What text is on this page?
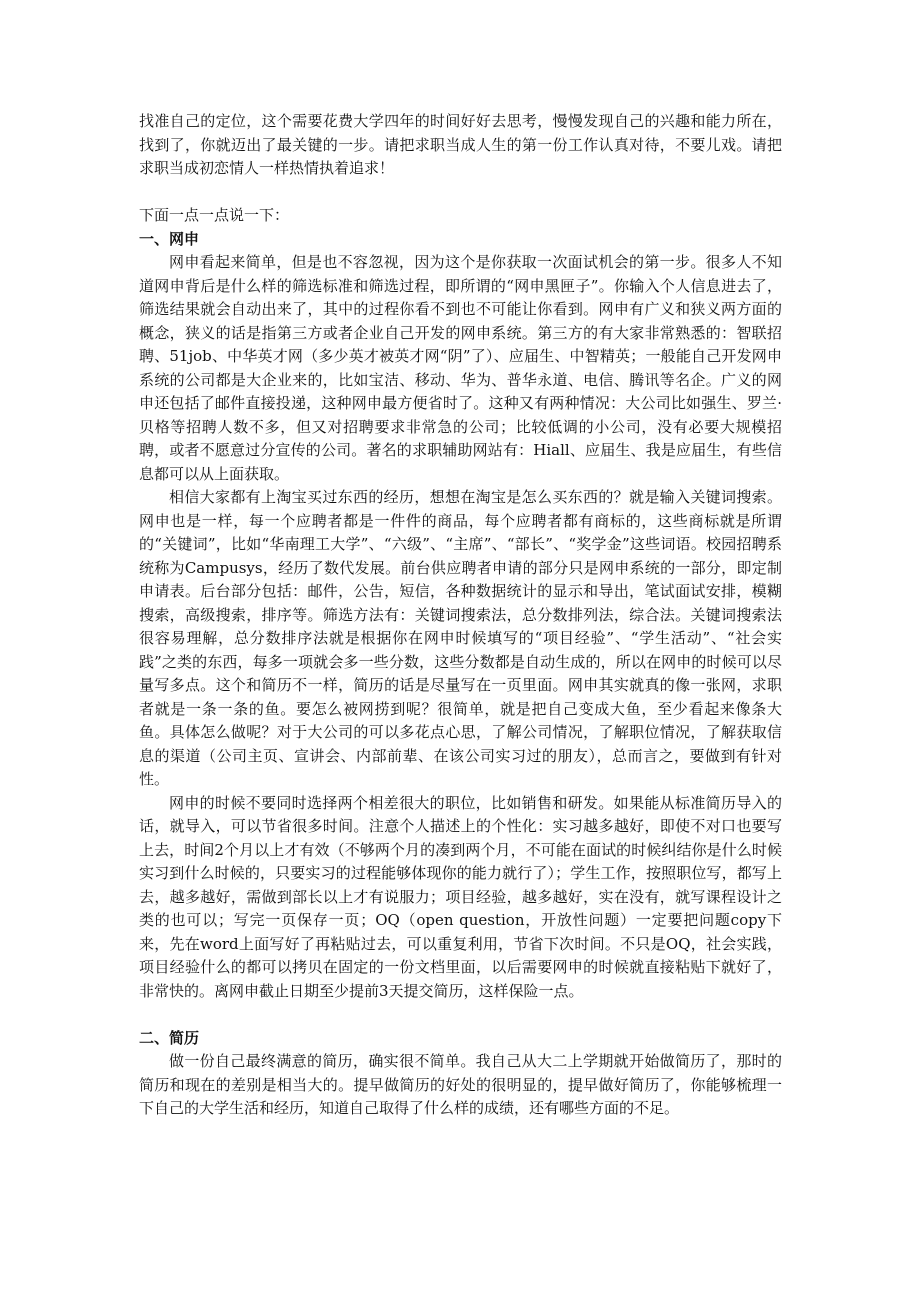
找准自己的定位，这个需要花费大学四年的时间好好去思考，慢慢发现自己的兴趣和能力所在，找到了，你就迈出了最关键的一步。请把求职当成人生的第一份工作认真对待，不要儿戏。请把求职当成初恋情人一样热情执着追求！

下面一点一点说一下：

一、网申

网申看起来简单，但是也不容忽视，因为这个是你获取一次面试机会的第一步。很多人不知道网申背后是什么样的筛选标准和筛选过程，即所谓的“网申黑匣子”。你输入个人信息进去了，筛选结果就会自动出来了，其中的过程你看不到也不可能让你看到。网申有广义和狭义两方面的概念，狭义的话是指第三方或者企业自己开发的网申系统。第三方的有大家非常熟悉的：智联招聘、51job、中华英才网（多少英才被英才网“阴”了）、应届生、中智精英；一般能自己开发网申系统的公司都是大企业来的，比如宝洁、移动、华为、普华永道、电信、腾讯等名企。广义的网申还包括了邮件直接投递，这种网申最方便省时了。这种又有两种情况：大公司比如强生、罗兰·贝格等招聘人数不多，但又对招聘要求非常急的公司；比较低调的小公司，没有必要大规模招聘，或者不愿意过分宣传的公司。著名的求职辅助网站有：Hiall、应届生、我是应届生，有些信息都可以从上面获取。

相信大家都有上淘宝买过东西的经历，想想在淘宝是怎么买东西的？就是输入关键词搜索。网申也是一样，每一个应聘者都是一件件的商品，每个应聘者都有商标的，这些商标就是所谓的“关键词”，比如“华南理工大学”、“六级”、“主席”、“部长”、“奖学金”这些词语。校园招聘系统称为Campusys，经历了数代发展。前台供应聘者申请的部分只是网申系统的一部分，即定制申请表。后台部分包括：邮件，公告，短信，各种数据统计的显示和导出，笔试面试安排，模糊搜索，高级搜索，排序等。筛选方法有：关键词搜索法，总分数排列法，综合法。关键词搜索法很容易理解，总分数排序法就是根据你在网申时候填写的“项目经验”、“学生活动”、“社会实践”之类的东西，每多一项就会多一些分数，这些分数都是自动生成的，所以在网申的时候可以尽量写多点。这个和简历不一样，简历的话是尽量写在一页里面。网申其实就真的像一张网，求职者就是一条一条的鱼。要怎么被网捞到呢？很简单，就是把自己变成大鱼，至少看起来像条大鱼。具体怎么做呢？对于大公司的可以多花点心思，了解公司情况，了解职位情况，了解获取信息的渠道（公司主页、宣讲会、内部前辈、在该公司实习过的朋友），总而言之，要做到有针对性。

网申的时候不要同时选择两个相差很大的职位，比如销售和研发。如果能从标准简历导入的话，就导入，可以节省很多时间。注意个人描述上的个性化：实习越多越好，即使不对口也要写上去，时间2个月以上才有效（不够两个月的凑到两个月，不可能在面试的时候纠结你是什么时候实习到什么时候的，只要实习的过程能够体现你的能力就行了）；学生工作，按照职位写，都写上去，越多越好，需做到部长以上才有说服力；项目经验，越多越好，实在没有，就写课程设计之类的也可以；写完一页保存一页；OQ（open question，开放性问题）一定要把问题copy下来，先在word上面写好了再粘贴过去，可以重复利用，节省下次时间。不只是OQ，社会实践，项目经验什么的都可以拷贝在固定的一份文档里面，以后需要网申的时候就直接粘贴下就好了，非常快的。离网申截止日期至少提前3天提交简历，这样保险一点。

二、简历

做一份自己最终满意的简历，确实很不简单。我自己从大二上学期就开始做简历了，那时的简历和现在的差别是相当大的。提早做简历的好处的很明显的，提早做好简历了，你能够梳理一下自己的大学生活和经历，知道自己取得了什么样的成绩，还有哪些方面的不足。
